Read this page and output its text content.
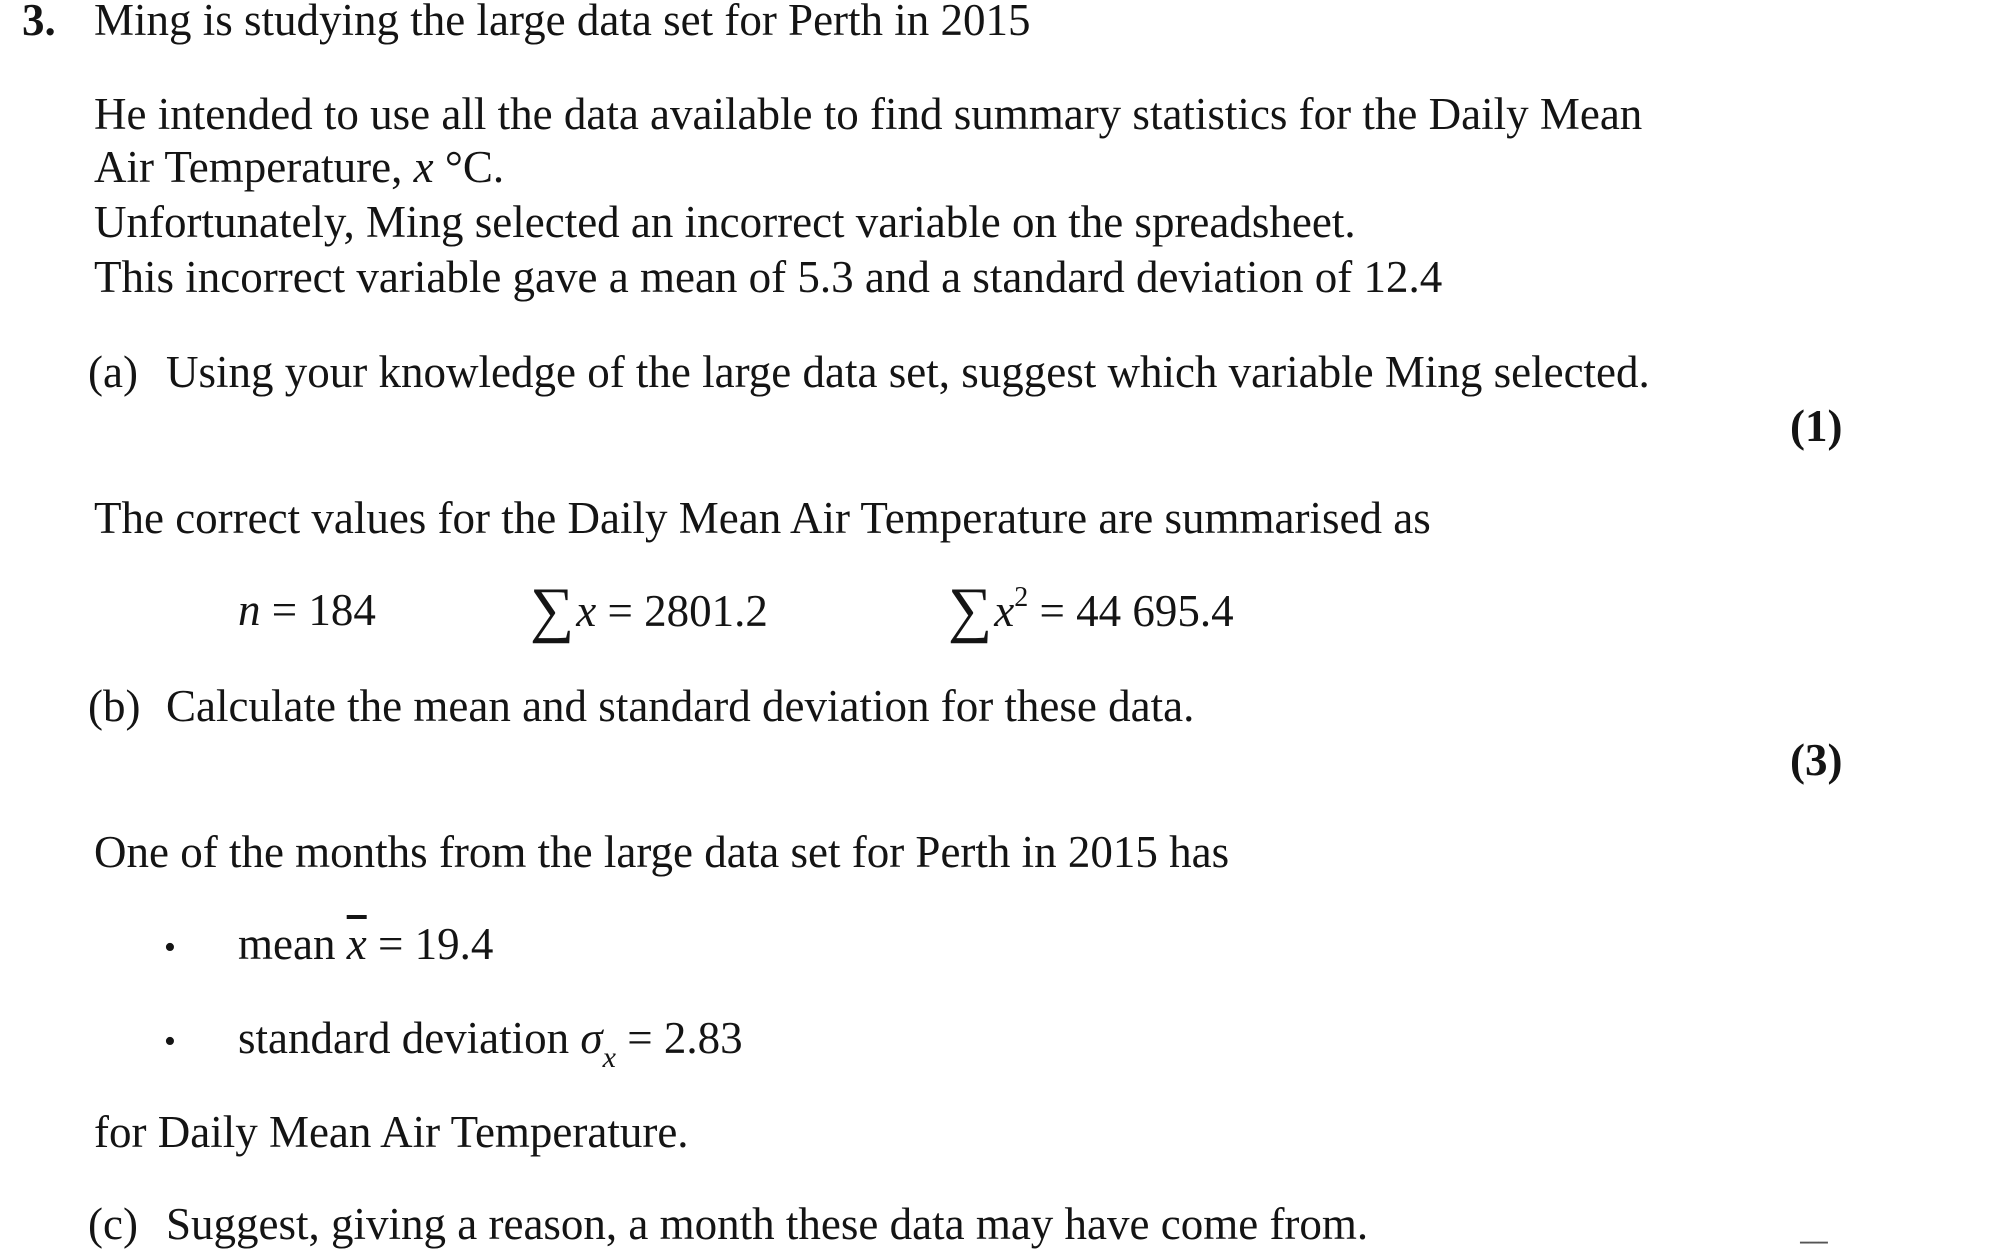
3. Ming is studying the large data set for Perth in 2015
He intended to use all the data available to find summary statistics for the Daily Mean
Air Temperature, x °C.
Unfortunately, Ming selected an incorrect variable on the spreadsheet.
This incorrect variable gave a mean of 5.3 and a standard deviation of 12.4
(a) Using your knowledge of the large data set, suggest which variable Ming selected.
(1)
The correct values for the Daily Mean Air Temperature are summarised as
n = 184 ∑x = 2801.2	$\sum x^2 = 44$ 695.4
(b) Calculate the mean and standard deviation for these data.
(3)
One of the months from the large data set for Perth in 2015 has
• mean $\overline{x} = 19.4$
• standard deviation $\sigma_x = 2.83$
for Daily Mean Air Temperature.
(c) Suggest, giving a reason, a month these data may have come from.	▔▔▔
